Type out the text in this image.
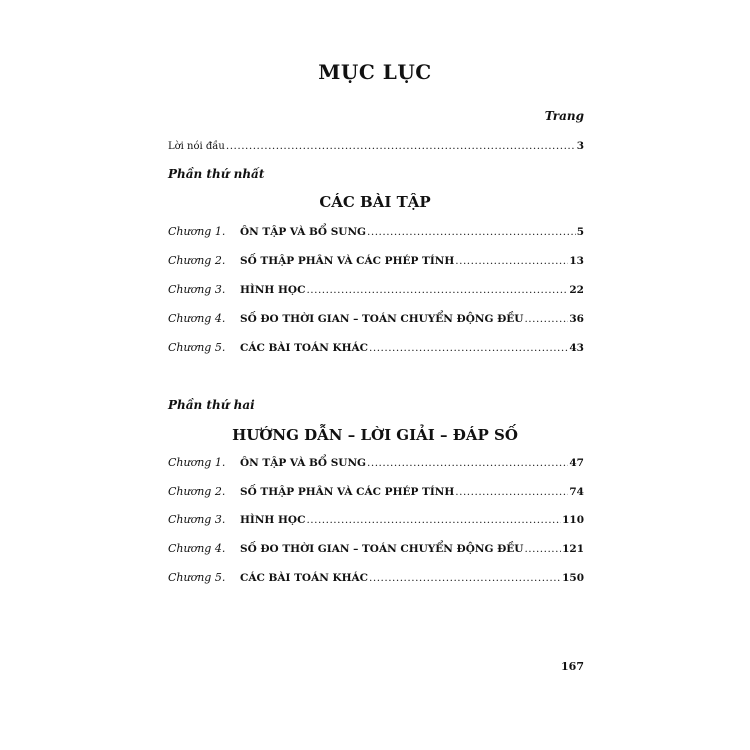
MỤC LỤC
Trang
Lời nói đầu .....	3
Phần thứ nhất
CÁC BÀI TẬP
Chương 1.	ÔN TẬP VÀ BỔ SUNG .....	5
Chương 2.	SỐ THẬP PHÂN VÀ CÁC PHÉP TÍNH .....	13
Chương 3.	HÌNH HỌC .....	22
Chương 4.	SỐ ĐO THỜI GIAN – TOÁN CHUYỂN ĐỘNG ĐỀU .....	36
Chương 5.	CÁC BÀI TOÁN KHÁC .....	43
Phần thứ hai
HƯỚNG DẪN – LỜI GIẢI – ĐÁP SỐ
Chương 1.	ÔN TẬP VÀ BỔ SUNG .....	47
Chương 2.	SỐ THẬP PHÂN VÀ CÁC PHÉP TÍNH .....	74
Chương 3.	HÌNH HỌC .....	110
Chương 4.	SỐ ĐO THỜI GIAN – TOÁN CHUYỂN ĐỘNG ĐỀU .....	121
Chương 5.	CÁC BÀI TOÁN KHÁC .....	150
167
